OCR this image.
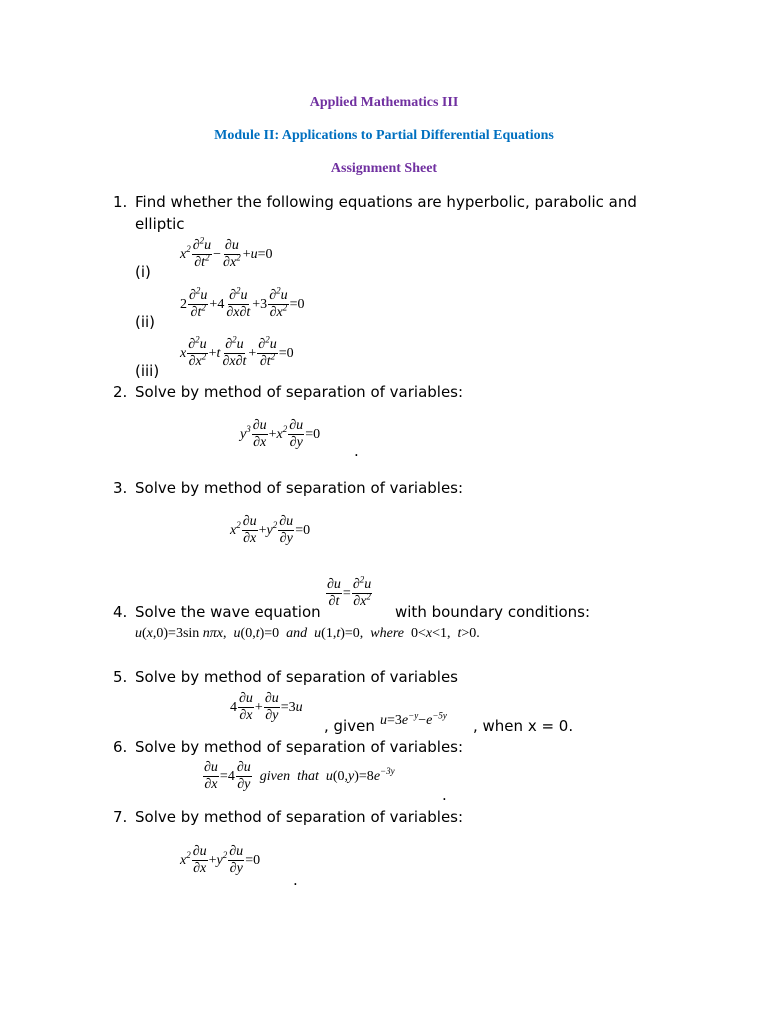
Applied Mathematics III
Module II: Applications to Partial Differential Equations
Assignment Sheet
1. Find whether the following equations are hyperbolic, parabolic and
elliptic
(i)
$x^2 \frac{\partial^2u}{\partial t^2} - \frac{\partial u}{\partial x^2} +u=0$
(ii)
$2 \frac{\partial^2u}{\partial t^2} +4 \frac{\partial^2u}{\partial x\partial t} +3 \frac{\partial^2u}{\partial x^2} =0$
(iii)
x $\frac{\partial^2u}{\partial x^2} +t \frac{\partial^2u}{\partial x\partial t} + \frac{\partial^2u}{\partial t^2} =0$
2. Solve by method of separation of variables:
$y^3 \frac{\partial u}{\partial x} +x^2 \frac{\partial u}{\partial y} =0$
.
3. Solve by method of separation of variables:
$x^2 \frac{\partial u}{\partial x} +y^2 \frac{\partial u}{\partial y} =0$
$\frac{\partial u}{\partial t} = \frac{\partial^2u}{\partial x^2}$
4. Solve the wave equation	with boundary conditions:
u(x,0)=3sin nπx,  u(0,t)=0  and  u(1,t)=0,  where  0<x<1,  t>0.
5. Solve by method of separation of variables
$4 \frac{\partial u}{\partial x} + \frac{\partial u}{\partial y} =3u$
, given $u=3e^{-y}-e^{-5y}$
, when x = 0.
6. Solve by method of separation of variables:
$\frac{\partial u}{\partial x} =4 \frac{\partial u}{\partial y}$ given  that  $u(0,y)=8e^{-3y}$
.
7. Solve by method of separation of variables:
$x^2 \frac{\partial u}{\partial x} +y^2 \frac{\partial u}{\partial y} =0$
.
